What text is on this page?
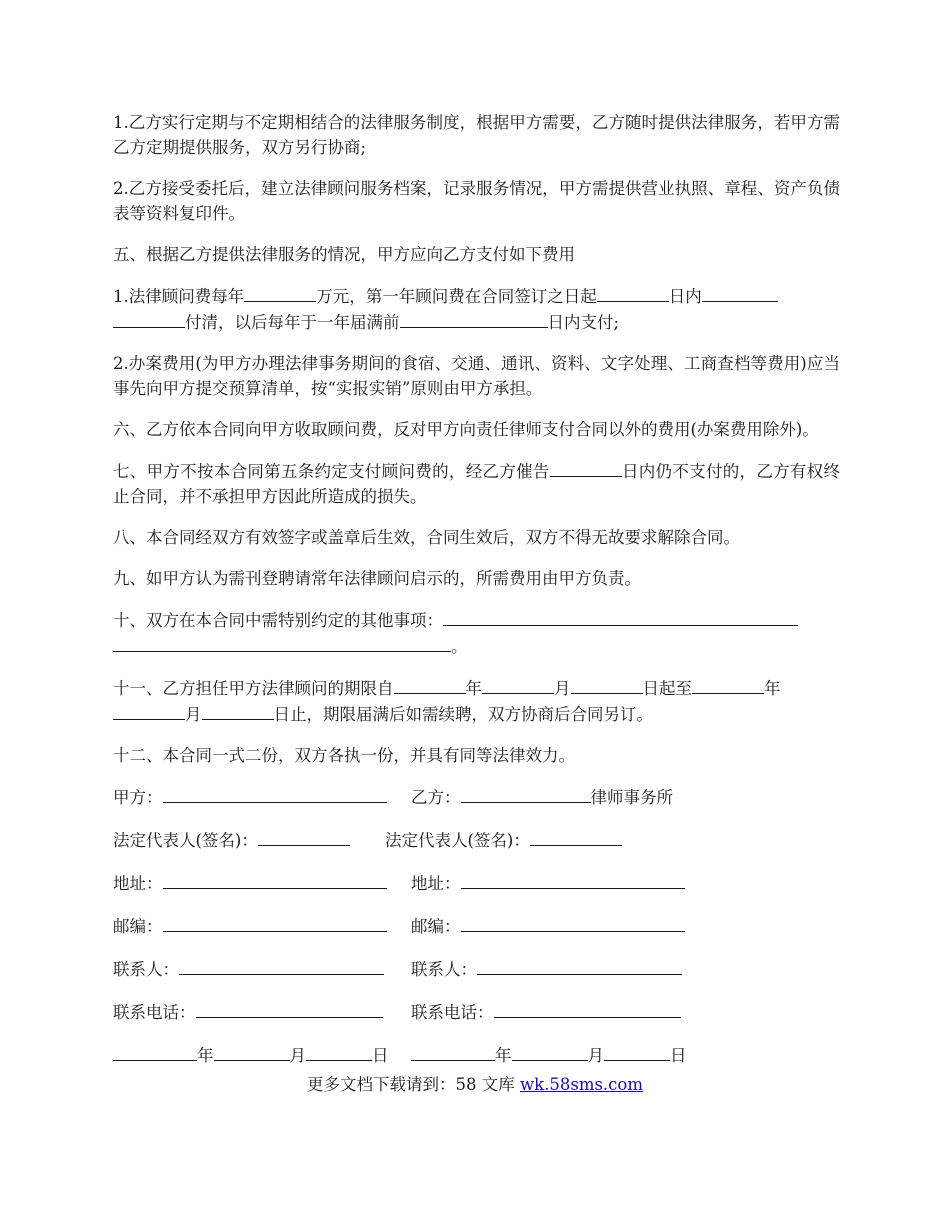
1.乙方实行定期与不定期相结合的法律服务制度，根据甲方需要，乙方随时提供法律服务，若甲方需乙方定期提供服务，双方另行协商;

2.乙方接受委托后，建立法律顾问服务档案，记录服务情况，甲方需提供营业执照、章程、资产负债表等资料复印件。

五、根据乙方提供法律服务的情况，甲方应向乙方支付如下费用

1.法律顾问费每年	万元，第一年顾问费在合同签订之日起	日内
付清，以后每年于一年届满前	日内支付;

2.办案费用(为甲方办理法律事务期间的食宿、交通、通讯、资料、文字处理、工商查档等费用)应当事先向甲方提交预算清单，按“实报实销”原则由甲方承担。

六、乙方依本合同向甲方收取顾问费，反对甲方向责任律师支付合同以外的费用(办案费用除外)。

七、甲方不按本合同第五条约定支付顾问费的，经乙方催告	日内仍不支付的，乙方有权终止合同，并不承担甲方因此所造成的损失。

八、本合同经双方有效签字或盖章后生效，合同生效后，双方不得无故要求解除合同。

九、如甲方认为需刊登聘请常年法律顾问启示的，所需费用由甲方负责。

十、双方在本合同中需特别约定的其他事项：
。

十一、乙方担任甲方法律顾问的期限自	年	月	日起至	年
月	日止，期限届满后如需续聘，双方协商后合同另订。

十二、本合同一式二份，双方各执一份，并具有同等法律效力。

甲方：	乙方：	律师事务所
法定代表人(签名)：	法定代表人(签名)：
地址：	地址：
邮编：	邮编：
联系人：	联系人：
联系电话：	联系电话：
年	月	日	年	月	日
更多文档下载请到：58 文库 wk.58sms.com
